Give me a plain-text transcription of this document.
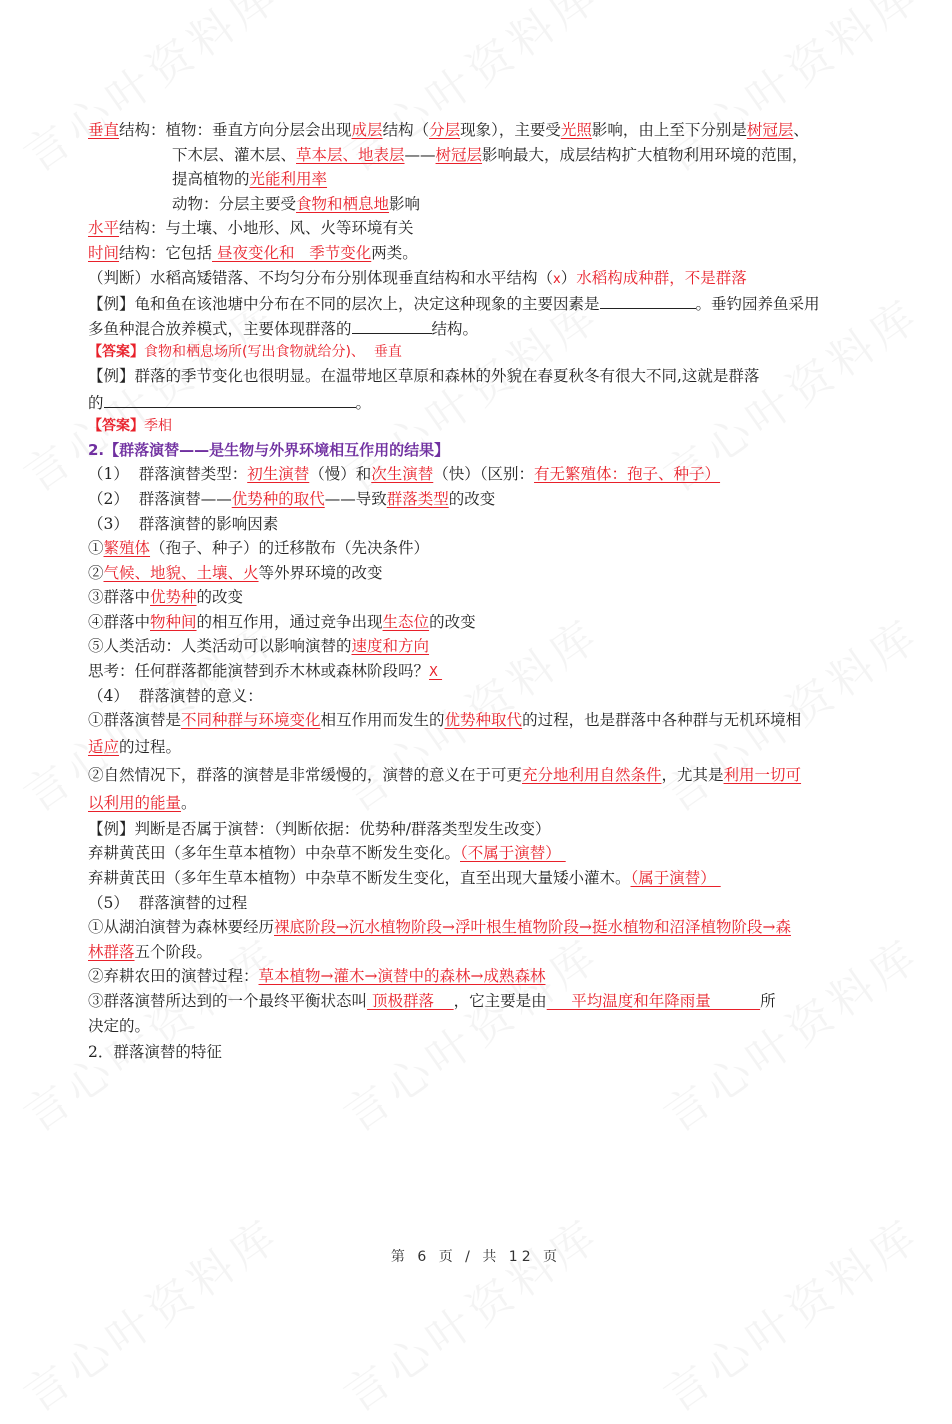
垂直结构：植物：垂直方向分层会出现成层结构（分层现象），主要受光照影响，由上至下分别是树冠层、
下木层、灌木层、草本层、地表层——树冠层影响最大，成层结构扩大植物利用环境的范围，
提高植物的光能利用率
动物：分层主要受食物和栖息地影响
水平结构：与土壤、小地形、风、火等环境有关
时间结构：它包括 昼夜变化和   季节变化两类。
（判断）水稻高矮错落、不均匀分布分别体现垂直结构和水平结构（x）水稻构成种群，不是群落
【例】龟和鱼在该池塘中分布在不同的层次上，决定这种现象的主要因素是	。垂钓园养鱼采用
多鱼种混合放养模式，主要体现群落的	结构。
【答案】食物和栖息场所(写出食物就给分)、  垂直
【例】群落的季节变化也很明显。在温带地区草原和森林的外貌在春夏秋冬有很大不同,这就是群落
的	。
【答案】季相
2.【群落演替——是生物与外界环境相互作用的结果】
（1）  群落演替类型：初生演替（慢）和次生演替（快）（区别：有无繁殖体：孢子、种子）
（2）  群落演替——优势种的取代——导致群落类型的改变
（3）  群落演替的影响因素
①繁殖体（孢子、种子）的迁移散布（先决条件）
②气候、地貌、土壤、火等外界环境的改变
③群落中优势种的改变
④群落中物种间的相互作用，通过竞争出现生态位的改变
⑤人类活动：人类活动可以影响演替的速度和方向
思考：任何群落都能演替到乔木林或森林阶段吗？X
（4）  群落演替的意义：
①群落演替是不同种群与环境变化相互作用而发生的优势种取代的过程，也是群落中各种群与无机环境相
适应的过程。
②自然情况下，群落的演替是非常缓慢的，演替的意义在于可更充分地利用自然条件，尤其是利用一切可
以利用的能量。
【例】判断是否属于演替：（判断依据：优势种/群落类型发生改变）
弃耕黄芪田（多年生草本植物）中杂草不断发生变化。（不属于演替）
弃耕黄芪田（多年生草本植物）中杂草不断发生变化，直至出现大量矮小灌木。（属于演替）
（5）  群落演替的过程
①从湖泊演替为森林要经历裸底阶段→沉水植物阶段→浮叶根生植物阶段→挺水植物和沼泽植物阶段→森
林群落五个阶段。
②弃耕农田的演替过程：草本植物→灌木→演替中的森林→成熟森林
③群落演替所达到的一个最终平衡状态叫 顶极群落    ，它主要是由     平均温度和年降雨量          所
决定的。
2．群落演替的特征
第 6 页 / 共 12 页
